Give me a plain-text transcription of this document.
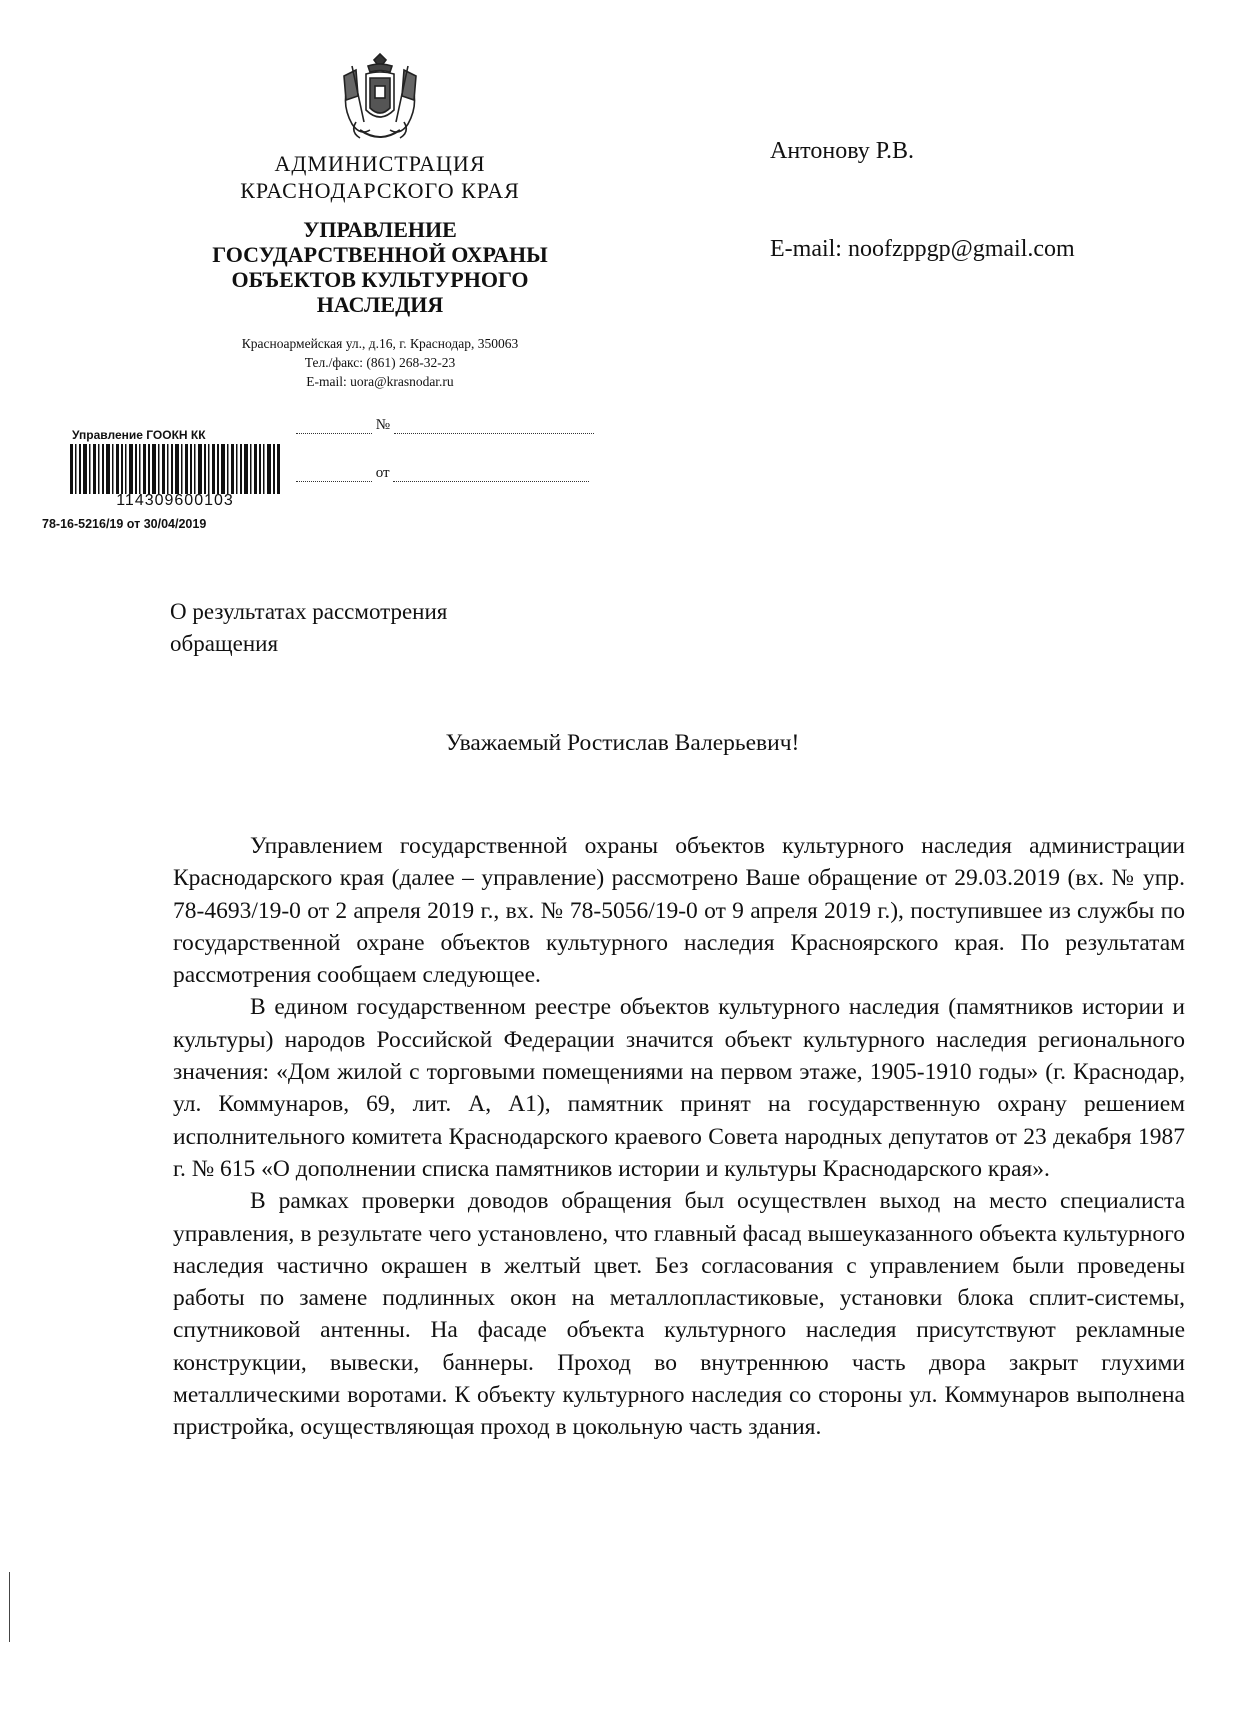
АДМИНИСТРАЦИЯ
КРАСНОДАРСКОГО КРАЯ
УПРАВЛЕНИЕ
ГОСУДАРСТВЕННОЙ ОХРАНЫ
ОБЪЕКТОВ КУЛЬТУРНОГО
НАСЛЕДИЯ
Красноармейская ул., д.16, г. Краснодар, 350063
Тел./факс: (861) 268-32-23
E-mail: uora@krasnodar.ru
№
от
Управление ГООКН КК
114309600103
78-16-5216/19 от 30/04/2019
Антонову Р.В.
E-mail: noofzppgp@gmail.com
О результатах рассмотрения
обращения
Уважаемый Ростислав Валерьевич!

Управлением государственной охраны объектов культурного наследия администрации Краснодарского края (далее – управление) рассмотрено Ваше обращение от 29.03.2019 (вх. № упр. 78-4693/19-0 от 2 апреля 2019 г., вх. № 78-5056/19-0 от 9 апреля 2019 г.), поступившее из службы по государственной охране объектов культурного наследия Красноярского края. По результатам рассмотрения сообщаем следующее.

В едином государственном реестре объектов культурного наследия (памятников истории и культуры) народов Российской Федерации значится объект культурного наследия регионального значения: «Дом жилой с торговыми помещениями на первом этаже, 1905-1910 годы» (г. Краснодар, ул. Коммунаров, 69, лит. А, А1), памятник принят на государственную охрану решением исполнительного комитета Краснодарского краевого Совета народных депутатов от 23 декабря 1987 г. № 615 «О дополнении списка памятников истории и культуры Краснодарского края».

В рамках проверки доводов обращения был осуществлен выход на место специалиста управления, в результате чего установлено, что главный фасад вышеуказанного объекта культурного наследия частично окрашен в желтый цвет. Без согласования с управлением были проведены работы по замене подлинных окон на металлопластиковые, установки блока сплит-системы, спутниковой антенны. На фасаде объекта культурного наследия присутствуют рекламные конструкции, вывески, баннеры. Проход во внутреннюю часть двора закрыт глухими металлическими воротами. К объекту культурного наследия со стороны ул. Коммунаров выполнена пристройка, осуществляющая проход в цокольную часть здания.
